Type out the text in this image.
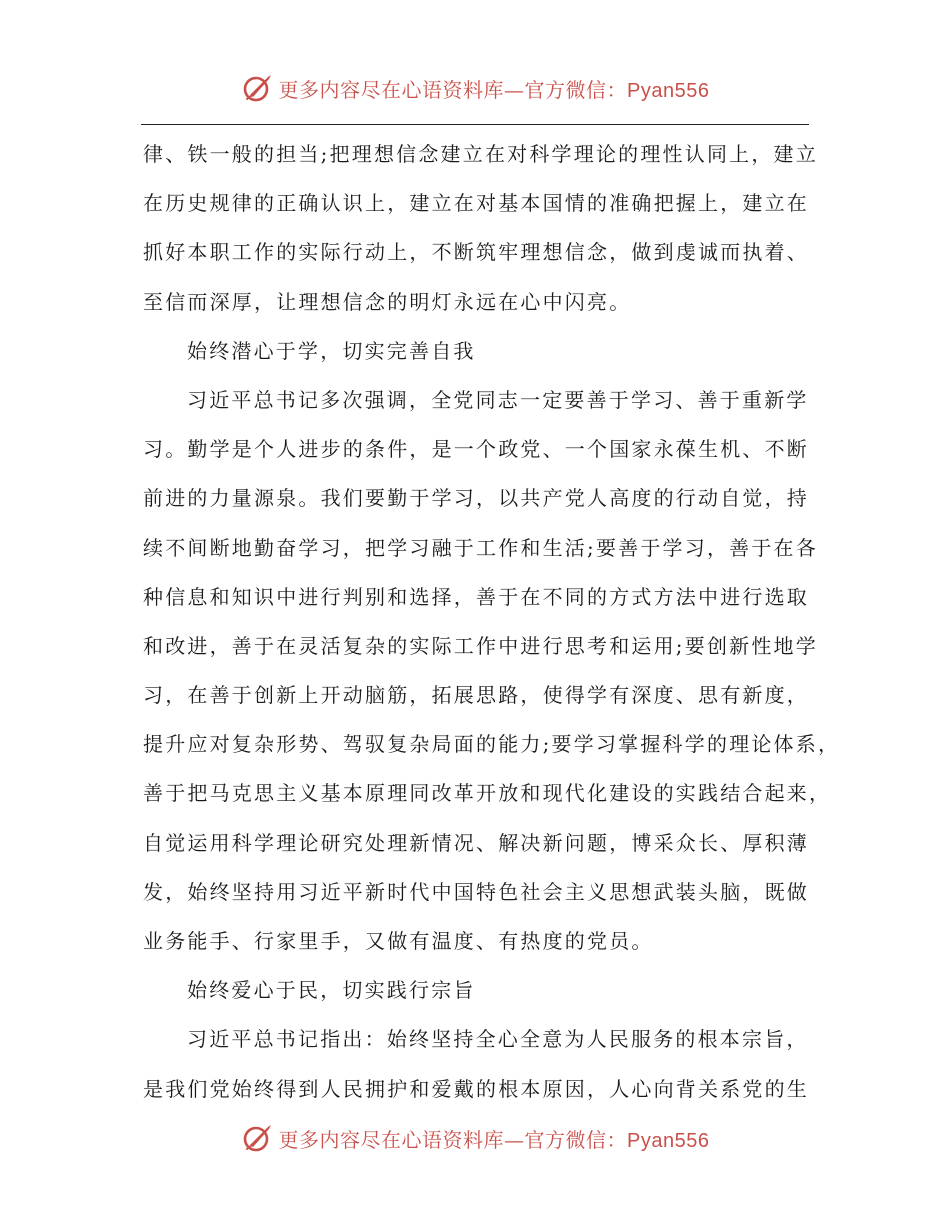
更多内容尽在心语资料库—官方微信：Pyan556
律、铁一般的担当;把理想信念建立在对科学理论的理性认同上，建立
在历史规律的正确认识上，建立在对基本国情的准确把握上，建立在
抓好本职工作的实际行动上，不断筑牢理想信念，做到虔诚而执着、
至信而深厚，让理想信念的明灯永远在心中闪亮。
始终潜心于学，切实完善自我
习近平总书记多次强调，全党同志一定要善于学习、善于重新学
习。勤学是个人进步的条件，是一个政党、一个国家永葆生机、不断
前进的力量源泉。我们要勤于学习，以共产党人高度的行动自觉，持
续不间断地勤奋学习，把学习融于工作和生活;要善于学习，善于在各
种信息和知识中进行判别和选择，善于在不同的方式方法中进行选取
和改进，善于在灵活复杂的实际工作中进行思考和运用;要创新性地学
习，在善于创新上开动脑筋，拓展思路，使得学有深度、思有新度，
提升应对复杂形势、驾驭复杂局面的能力;要学习掌握科学的理论体系，
善于把马克思主义基本原理同改革开放和现代化建设的实践结合起来，
自觉运用科学理论研究处理新情况、解决新问题，博采众长、厚积薄
发，始终坚持用习近平新时代中国特色社会主义思想武装头脑，既做
业务能手、行家里手，又做有温度、有热度的党员。
始终爱心于民，切实践行宗旨
习近平总书记指出：始终坚持全心全意为人民服务的根本宗旨，
是我们党始终得到人民拥护和爱戴的根本原因，人心向背关系党的生
更多内容尽在心语资料库—官方微信：Pyan556
